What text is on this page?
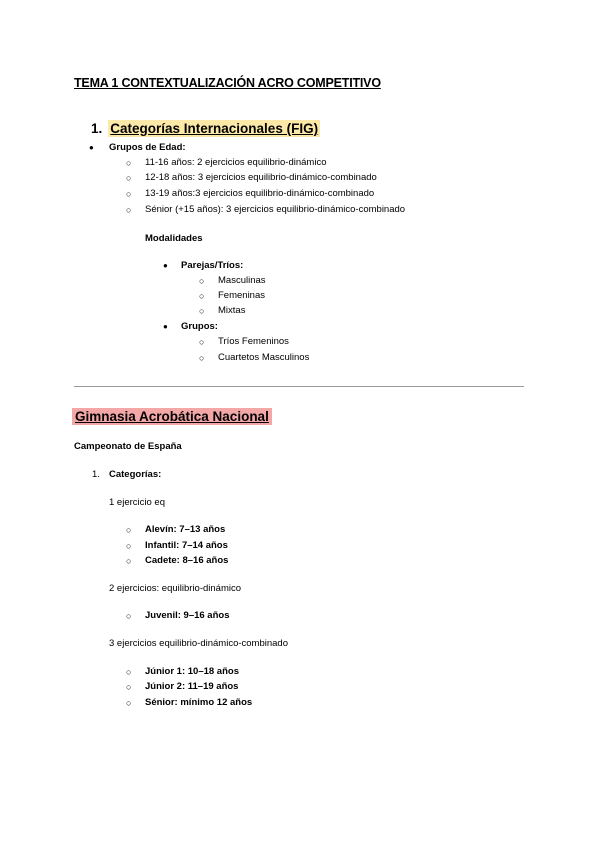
TEMA 1 CONTEXTUALIZACIÓN ACRO COMPETITIVO
1. Categorías Internacionales (FIG)
● Grupos de Edad:
○ 11-16 años: 2 ejercicios equilibrio-dinámico
○ 12-18 años: 3 ejercicios equilibrio-dinámico-combinado
○ 13-19 años:3 ejercicios equilibrio-dinámico-combinado
○ Sénior (+15 años): 3 ejercicios equilibrio-dinámico-combinado
Modalidades
● Parejas/Tríos:
○ Masculinas
○ Femeninas
○ Mixtas
● Grupos:
○ Tríos Femeninos
○ Cuartetos Masculinos
Gimnasia Acrobática Nacional
Campeonato de España
1. Categorías:
1 ejercicio eq
○ Alevín: 7–13 años
○ Infantil: 7–14 años
○ Cadete: 8–16 años
2 ejercicios: equilibrio-dinámico
○ Juvenil: 9–16 años
3 ejercicios equilibrio-dinámico-combinado
○ Júnior 1: 10–18 años
○ Júnior 2: 11–19 años
○ Sénior: mínimo 12 años
